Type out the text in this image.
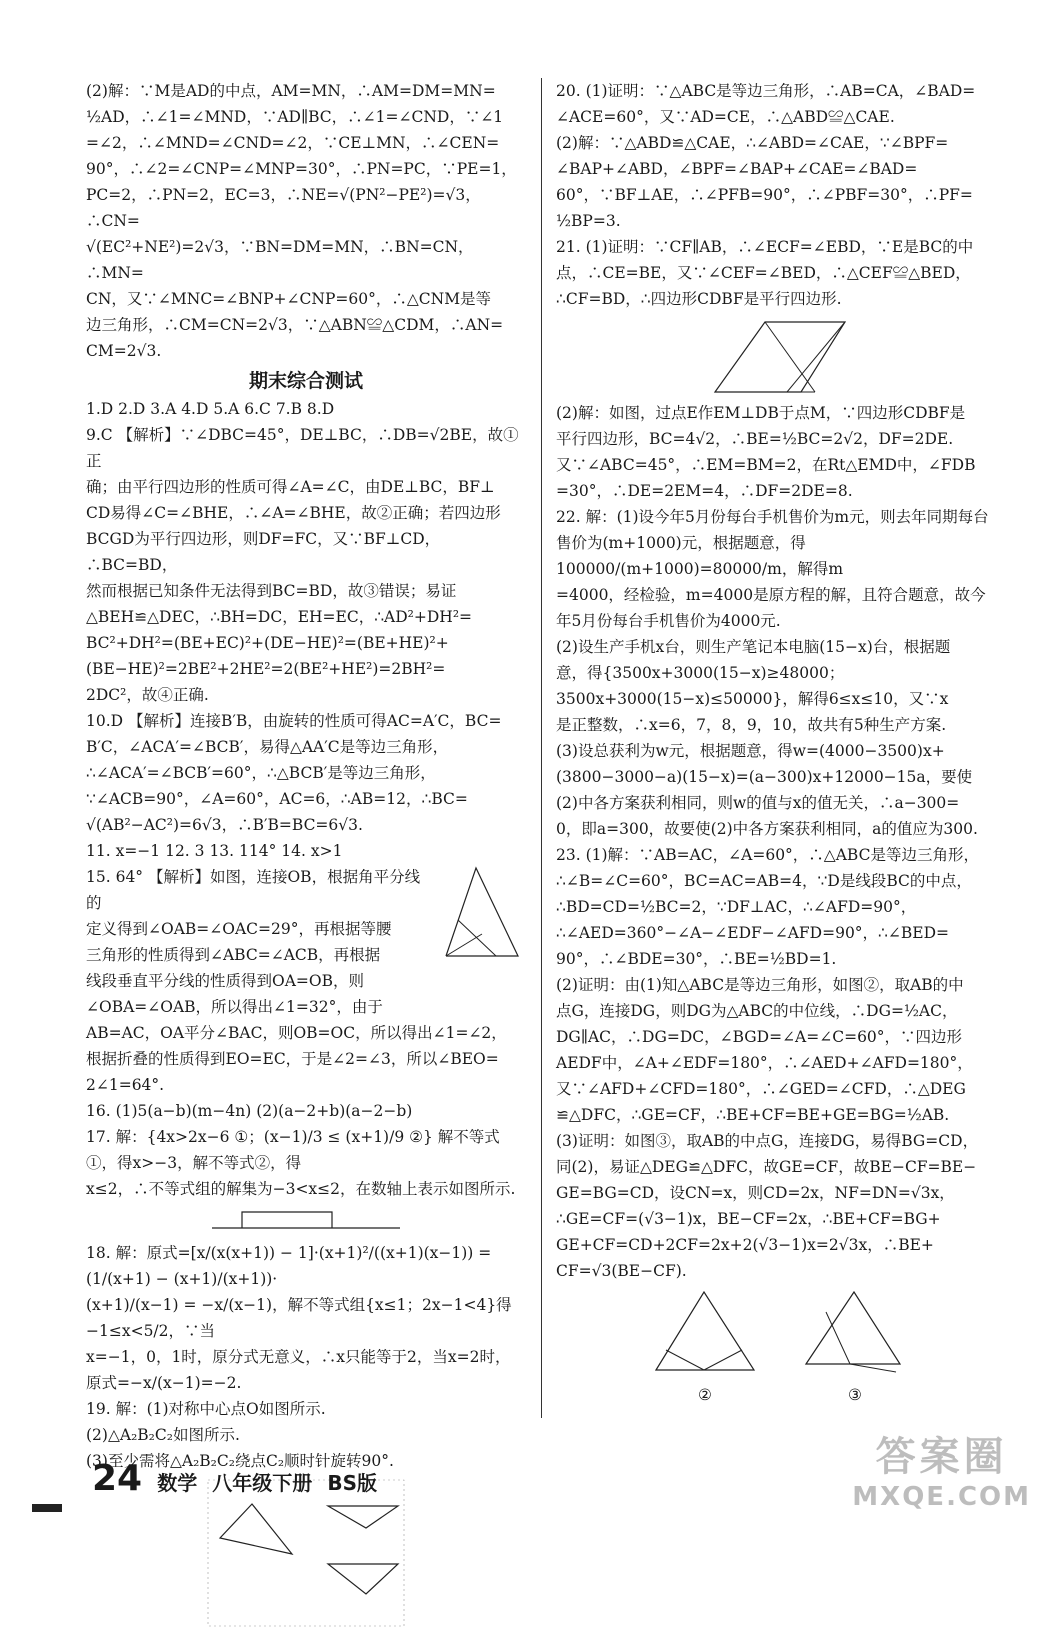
(2)解：∵M是AD的中点，AM=MN，∴AM=DM=MN=

½AD，∴∠1=∠MND，∵AD∥BC，∴∠1=∠CND，∵∠1

=∠2，∴∠MND=∠CND=∠2，∵CE⊥MN，∴∠CEN=

90°，∴∠2=∠CNP=∠MNP=30°，∴PN=PC，∵PE=1，

PC=2，∴PN=2，EC=3，∴NE=√(PN²−PE²)=√3，∴CN=

√(EC²+NE²)=2√3，∵BN=DM=MN，∴BN=CN，∴MN=

CN，又∵∠MNC=∠BNP+∠CNP=60°，∴△CNM是等

边三角形，∴CM=CN=2√3，∵△ABN≌△CDM，∴AN=

CM=2√3.

期末综合测试

1.D 2.D 3.A 4.D 5.A 6.C 7.B 8.D

9.C 【解析】∵∠DBC=45°，DE⊥BC，∴DB=√2BE，故①正

确；由平行四边形的性质可得∠A=∠C，由DE⊥BC，BF⊥

CD易得∠C=∠BHE，∴∠A=∠BHE，故②正确；若四边形

BCGD为平行四边形，则DF=FC，又∵BF⊥CD，∴BC=BD，

然而根据已知条件无法得到BC=BD，故③错误；易证

△BEH≌△DEC，∴BH=DC，EH=EC，∴AD²+DH²=

BC²+DH²=(BE+EC)²+(DE−HE)²=(BE+HE)²+

(BE−HE)²=2BE²+2HE²=2(BE²+HE²)=2BH²=

2DC²，故④正确.

10.D 【解析】连接B′B，由旋转的性质可得AC=A′C，BC=

B′C，∠ACA′=∠BCB′，易得△AA′C是等边三角形，

∴∠ACA′=∠BCB′=60°，∴△BCB′是等边三角形，

∵∠ACB=90°，∠A=60°，AC=6，∴AB=12，∴BC=

√(AB²−AC²)=6√3，∴B′B=BC=6√3.

11. x=−1 12. 3 13. 114° 14. x>1

15. 64° 【解析】如图，连接OB，根据角平分线的

定义得到∠OAB=∠OAC=29°，再根据等腰

三角形的性质得到∠ABC=∠ACB，再根据

线段垂直平分线的性质得到OA=OB，则

∠OBA=∠OAB，所以得出∠1=32°，由于

AB=AC，OA平分∠BAC，则OB=OC，所以得出∠1=∠2，

根据折叠的性质得到EO=EC，于是∠2=∠3，所以∠BEO=

2∠1=64°.

16. (1)5(a−b)(m−4n) (2)(a−2+b)(a−2−b)

17. 解：{4x>2x−6 ①；(x−1)/3 ≤ (x+1)/9 ②} 解不等式①，得x>−3，解不等式②，得

x≤2，∴不等式组的解集为−3<x≤2，在数轴上表示如图所示.

18. 解：原式=[x/(x(x+1)) − 1]·(x+1)²/((x+1)(x−1)) = (1/(x+1) − (x+1)/(x+1))·

(x+1)/(x−1) = −x/(x−1)，解不等式组{x≤1；2x−1<4}得−1≤x<5/2，∵当

x=−1，0，1时，原分式无意义，∴x只能等于2，当x=2时，

原式=−x/(x−1)=−2.

19. 解：(1)对称中心点O如图所示.

(2)△A₂B₂C₂如图所示.

(3)至少需将△A₂B₂C₂绕点C₂顺时针旋转90°.

20. (1)证明：∵△ABC是等边三角形，∴AB=CA，∠BAD=

∠ACE=60°，又∵AD=CE，∴△ABD≌△CAE.

(2)解：∵△ABD≌△CAE，∴∠ABD=∠CAE，∵∠BPF=

∠BAP+∠ABD，∠BPF=∠BAP+∠CAE=∠BAD=

60°，∵BF⊥AE，∴∠PFB=90°，∴∠PBF=30°，∴PF=

½BP=3.

21. (1)证明：∵CF∥AB，∴∠ECF=∠EBD，∵E是BC的中

点，∴CE=BE，又∵∠CEF=∠BED，∴△CEF≌△BED，

∴CF=BD，∴四边形CDBF是平行四边形.

(2)解：如图，过点E作EM⊥DB于点M，∵四边形CDBF是

平行四边形，BC=4√2，∴BE=½BC=2√2，DF=2DE.

又∵∠ABC=45°，∴EM=BM=2，在Rt△EMD中，∠FDB

=30°，∴DE=2EM=4，∴DF=2DE=8.

22. 解：(1)设今年5月份每台手机售价为m元，则去年同期每台

售价为(m+1000)元，根据题意，得100000/(m+1000)=80000/m，解得m

=4000，经检验，m=4000是原方程的解，且符合题意，故今

年5月份每台手机售价为4000元.

(2)设生产手机x台，则生产笔记本电脑(15−x)台，根据题

意，得{3500x+3000(15−x)≥48000；3500x+3000(15−x)≤50000}，解得6≤x≤10，又∵x

是正整数，∴x=6，7，8，9，10，故共有5种生产方案.

(3)设总获利为w元，根据题意，得w=(4000−3500)x+

(3800−3000−a)(15−x)=(a−300)x+12000−15a，要使

(2)中各方案获利相同，则w的值与x的值无关，∴a−300=

0，即a=300，故要使(2)中各方案获利相同，a的值应为300.

23. (1)解：∵AB=AC，∠A=60°，∴△ABC是等边三角形，

∴∠B=∠C=60°，BC=AC=AB=4，∵D是线段BC的中点，

∴BD=CD=½BC=2，∵DF⊥AC，∴∠AFD=90°，

∴∠AED=360°−∠A−∠EDF−∠AFD=90°，∴∠BED=

90°，∴∠BDE=30°，∴BE=½BD=1.

(2)证明：由(1)知△ABC是等边三角形，如图②，取AB的中

点G，连接DG，则DG为△ABC的中位线，∴DG=½AC，

DG∥AC，∴DG=DC，∠BGD=∠A=∠C=60°，∵四边形

AEDF中，∠A+∠EDF=180°，∴∠AED+∠AFD=180°，

又∵∠AFD+∠CFD=180°，∴∠GED=∠CFD，∴△DEG

≌△DFC，∴GE=CF，∴BE+CF=BE+GE=BG=½AB.

(3)证明：如图③，取AB的中点G，连接DG，易得BG=CD，

同(2)，易证△DEG≌△DFC，故GE=CF，故BE−CF=BE−

GE=BG=CD，设CN=x，则CD=2x，NF=DN=√3x，

∴GE=CF=(√3−1)x，BE−CF=2x，∴BE+CF=BG+

GE+CF=CD+2CF=2x+2(√3−1)x=2√3x，∴BE+

CF=√3(BE−CF).

②	③
24 数学 八年级下册 BS版
答案圈
MXQE.COM
